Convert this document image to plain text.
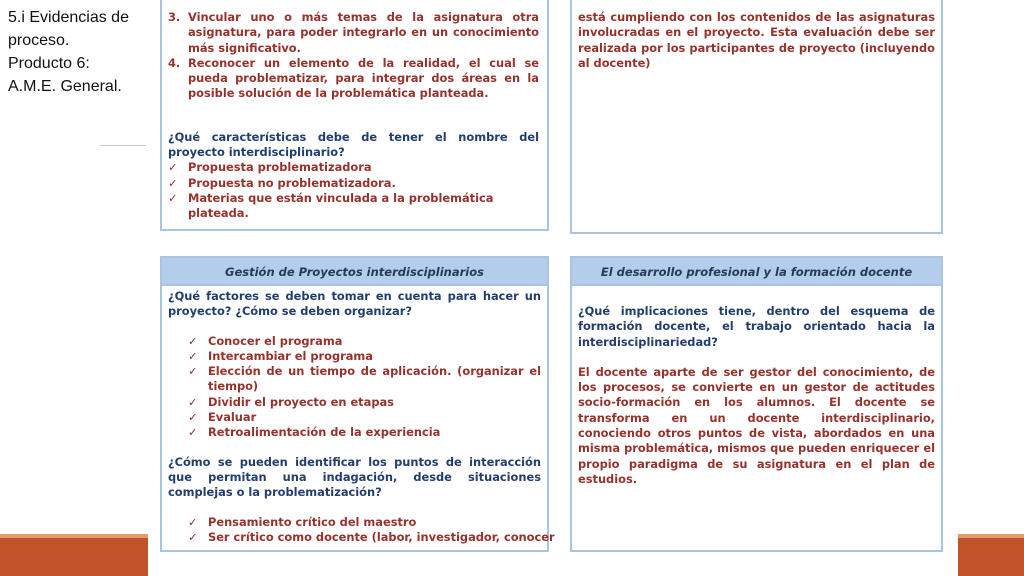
5.i Evidencias de
proceso.
Producto 6:
A.M.E. General.
3. Vincular uno o más temas de la asignatura otra asignatura, para poder integrarlo en un conocimiento más significativo.
4. Reconocer un elemento de la realidad, el cual se pueda problematizar, para integrar dos áreas en la posible solución de la problemática planteada.

¿Qué características debe de tener el nombre del proyecto interdisciplinario?

✓ Propuesta problematizadora
✓ Propuesta no problematizadora.
✓ Materias que están vinculada a la problemática plateada.

está cumpliendo con los contenidos de las asignaturas involucradas en el proyecto. Esta evaluación debe ser realizada por los participantes de proyecto (incluyendo al docente)

Gestión de Proyectos interdisciplinarios

¿Qué factores se deben tomar en cuenta para hacer un proyecto? ¿Cómo se deben organizar?

✓ Conocer el programa
✓ Intercambiar el programa
✓ Elección de un tiempo de aplicación. (organizar el tiempo)
✓ Dividir el proyecto en etapas
✓ Evaluar
✓ Retroalimentación de la experiencia

¿Cómo se pueden identificar los puntos de interacción que permitan una indagación, desde situaciones complejas o la problematización?

✓ Pensamiento crítico del maestro
✓ Ser crítico como docente (labor, investigador, conocer
El desarrollo profesional y la formación docente

¿Qué implicaciones tiene, dentro del esquema de formación docente, el trabajo orientado hacia la interdisciplinariedad?

El docente aparte de ser gestor del conocimiento, de los procesos, se convierte en un gestor de actitudes socio-formación en los alumnos. El docente se transforma en un docente interdisciplinario, conociendo otros puntos de vista, abordados en una misma problemática, mismos que pueden enriquecer el propio paradigma de su asignatura en el plan de estudios.
